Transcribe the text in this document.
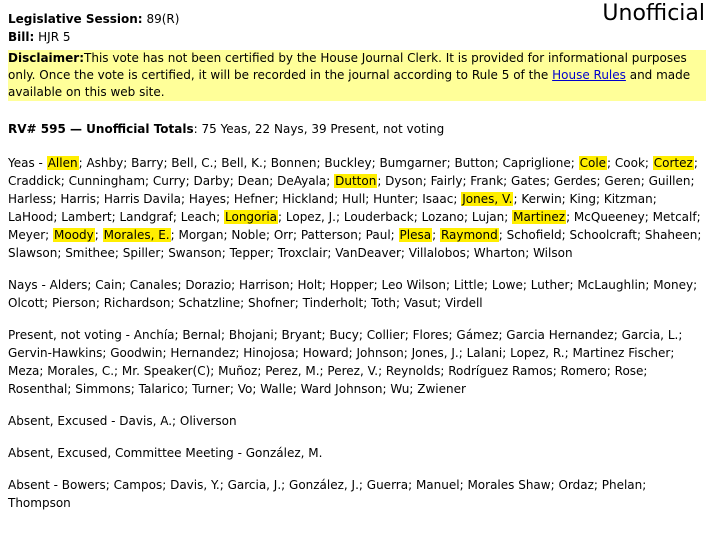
Unofficial
Legislative Session: 89(R)
Bill: HJR 5
Disclaimer:This vote has not been certified by the House Journal Clerk. It is provided for informational purposes only. Once the vote is certified, it will be recorded in the journal according to Rule 5 of the House Rules and made available on this web site.
RV# 595 — Unofficial Totals: 75 Yeas, 22 Nays, 39 Present, not voting
Yeas - Allen; Ashby; Barry; Bell, C.; Bell, K.; Bonnen; Buckley; Bumgarner; Button; Capriglione; Cole; Cook; Cortez; Craddick; Cunningham; Curry; Darby; Dean; DeAyala; Dutton; Dyson; Fairly; Frank; Gates; Gerdes; Geren; Guillen; Harless; Harris; Harris Davila; Hayes; Hefner; Hickland; Hull; Hunter; Isaac; Jones, V.; Kerwin; King; Kitzman; LaHood; Lambert; Landgraf; Leach; Longoria; Lopez, J.; Louderback; Lozano; Lujan; Martinez; McQueeney; Metcalf; Meyer; Moody; Morales, E.; Morgan; Noble; Orr; Patterson; Paul; Plesa; Raymond; Schofield; Schoolcraft; Shaheen; Slawson; Smithee; Spiller; Swanson; Tepper; Troxclair; VanDeaver; Villalobos; Wharton; Wilson
Nays - Alders; Cain; Canales; Dorazio; Harrison; Holt; Hopper; Leo Wilson; Little; Lowe; Luther; McLaughlin; Money; Olcott; Pierson; Richardson; Schatzline; Shofner; Tinderholt; Toth; Vasut; Virdell
Present, not voting - Anchía; Bernal; Bhojani; Bryant; Bucy; Collier; Flores; Gámez; Garcia Hernandez; Garcia, L.; Gervin-Hawkins; Goodwin; Hernandez; Hinojosa; Howard; Johnson; Jones, J.; Lalani; Lopez, R.; Martinez Fischer; Meza; Morales, C.; Mr. Speaker(C); Muñoz; Perez, M.; Perez, V.; Reynolds; Rodríguez Ramos; Romero; Rose; Rosenthal; Simmons; Talarico; Turner; Vo; Walle; Ward Johnson; Wu; Zwiener
Absent, Excused - Davis, A.; Oliverson
Absent, Excused, Committee Meeting - González, M.
Absent - Bowers; Campos; Davis, Y.; Garcia, J.; González, J.; Guerra; Manuel; Morales Shaw; Ordaz; Phelan; Thompson
